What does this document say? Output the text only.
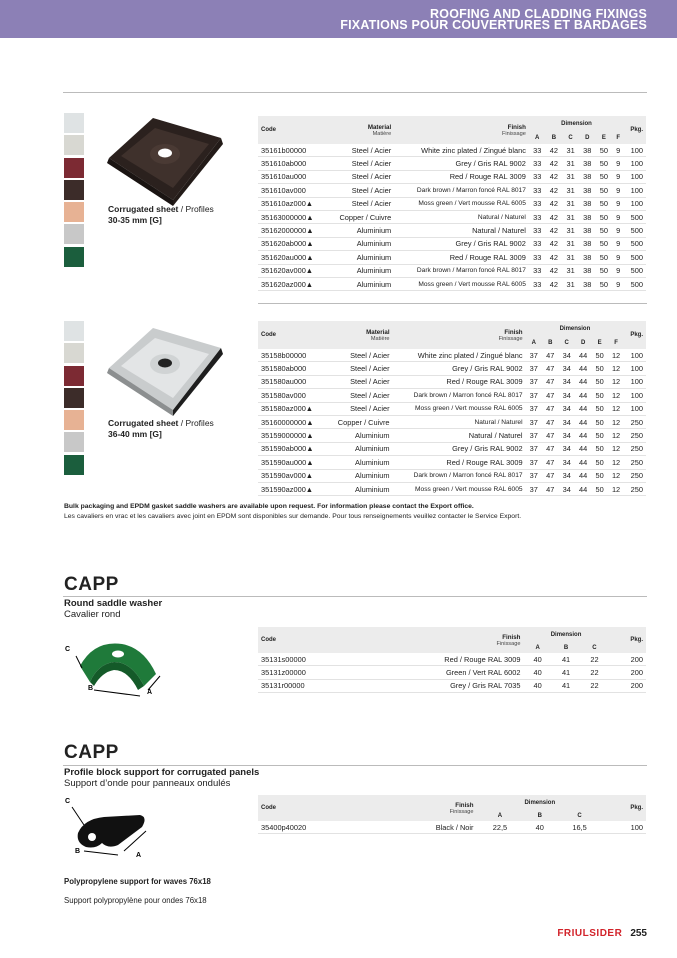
ROOFING AND CLADDING FIXINGS
FIXATIONS POUR COUVERTURES ET BARDAGES
Corrugated sheet / Profiles
30-35 mm [G]
Code	Material
Matière	Finish
Finissage	Dimension						Pkg.
			A	B	C	D	E	F	
35161b00000	Steel / Acier	White zinc plated / Zingué blanc	33	42	31	38	50	9	100
351610ab000	Steel / Acier	Grey / Gris RAL 9002	33	42	31	38	50	9	100
351610au000	Steel / Acier	Red / Rouge RAL 3009	33	42	31	38	50	9	100
351610av000	Steel / Acier	Dark brown / Marron foncé RAL 8017	33	42	31	38	50	9	100
351610az000▲	Steel / Acier	Moss green / Vert mousse RAL 6005	33	42	31	38	50	9	100
35163000000▲	Copper / Cuivre	Natural / Naturel	33	42	31	38	50	9	500
35162000000▲	Aluminium	Natural / Naturel	33	42	31	38	50	9	500
351620ab000▲	Aluminium	Grey / Gris RAL 9002	33	42	31	38	50	9	500
351620au000▲	Aluminium	Red / Rouge RAL 3009	33	42	31	38	50	9	500
351620av000▲	Aluminium	Dark brown / Marron foncé RAL 8017	33	42	31	38	50	9	500
351620az000▲	Aluminium	Moss green / Vert mousse RAL 6005	33	42	31	38	50	9	500
Corrugated sheet / Profiles
36-40 mm [G]
Code	Material
Matière	Finish
Finissage	Dimension						Pkg.
			A	B	C	D	E	F	
35158b00000	Steel / Acier	White zinc plated / Zingué blanc	37	47	34	44	50	12	100
351580ab000	Steel / Acier	Grey / Gris RAL 9002	37	47	34	44	50	12	100
351580au000	Steel / Acier	Red / Rouge RAL 3009	37	47	34	44	50	12	100
351580av000	Steel / Acier	Dark brown / Marron foncé RAL 8017	37	47	34	44	50	12	100
351580az000▲	Steel / Acier	Moss green / Vert mousse RAL 6005	37	47	34	44	50	12	100
35160000000▲	Copper / Cuivre	Natural / Naturel	37	47	34	44	50	12	250
35159000000▲	Aluminium	Natural / Naturel	37	47	34	44	50	12	250
351590ab000▲	Aluminium	Grey / Gris RAL 9002	37	47	34	44	50	12	250
351590au000▲	Aluminium	Red / Rouge RAL 3009	37	47	34	44	50	12	250
351590av000▲	Aluminium	Dark brown / Marron foncé RAL 8017	37	47	34	44	50	12	250
351590az000▲	Aluminium	Moss green / Vert mousse RAL 6005	37	47	34	44	50	12	250
Bulk packaging and EPDM gasket saddle washers are available upon request. For information please contact the Export office.
Les cavaliers en vrac et les cavaliers avec joint en EPDM sont disponibles sur demande. Pour tous renseignements veuillez contacter le Service Export.
CAPP
Round saddle washer
Cavalier rond
C
B
A
Code	Finish
Finissage	Dimension			Pkg.
		A	B	C	
35131s00000	Red / Rouge RAL 3009	40	41	22	200
35131z00000	Green / Vert RAL 6002	40	41	22	200
35131r00000	Grey / Gris RAL 7035	40	41	22	200
CAPP
Profile block support for corrugated panels
Support d’onde pour panneaux ondulés
C
B
A
Code	Finish
Finissage	Dimension			Pkg.
		A	B	C	
35400p40020	Black / Noir	22,5	40	16,5	100
Polypropylene support for waves 76x18
Support polypropylène pour ondes 76x18
FRIULSIDER 255
